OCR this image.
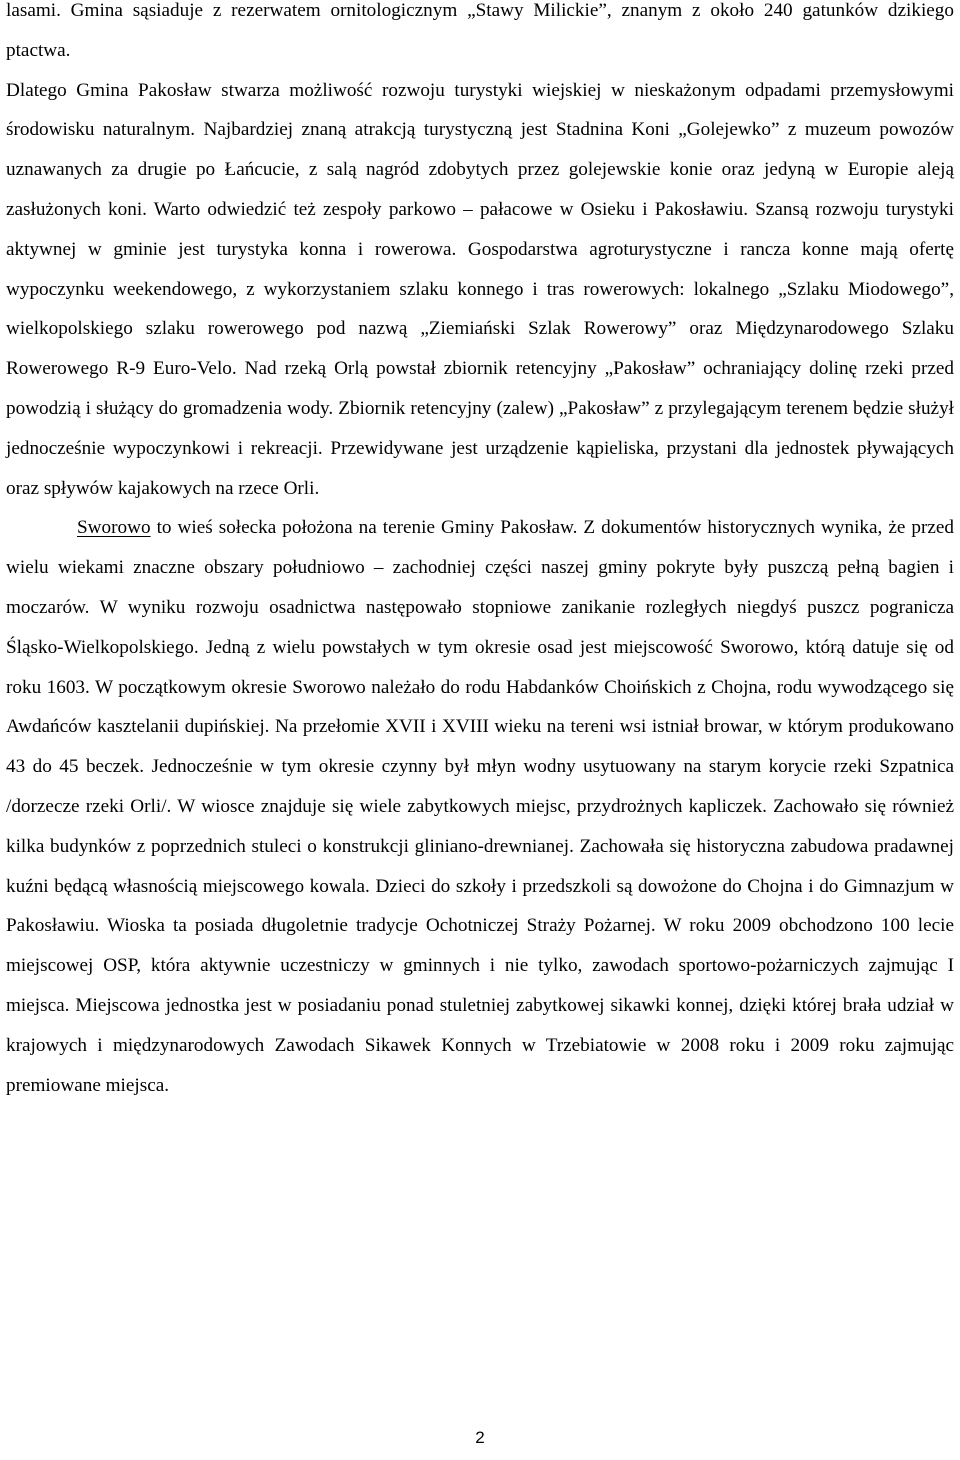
lasami. Gmina sąsiaduje z rezerwatem ornitologicznym „Stawy Milickie”, znanym z około 240 gatunków dzikiego ptactwa.

Dlatego Gmina Pakosław stwarza możliwość rozwoju turystyki wiejskiej w nieskażonym odpadami przemysłowymi środowisku naturalnym. Najbardziej znaną atrakcją turystyczną jest Stadnina Koni „Golejewko” z muzeum powozów uznawanych za drugie po Łańcucie, z salą nagród zdobytych przez golejewskie konie oraz jedyną w Europie aleją zasłużonych koni. Warto odwiedzić też zespoły parkowo – pałacowe w Osieku i Pakosławiu. Szansą rozwoju turystyki aktywnej w gminie jest turystyka konna i rowerowa. Gospodarstwa agroturystyczne i rancza konne mają ofertę wypoczynku weekendowego, z wykorzystaniem szlaku konnego i tras rowerowych: lokalnego „Szlaku Miodowego”, wielkopolskiego szlaku rowerowego pod nazwą „Ziemiański Szlak Rowerowy” oraz Międzynarodowego Szlaku Rowerowego R-9 Euro-Velo. Nad rzeką Orlą powstał zbiornik retencyjny „Pakosław” ochraniający dolinę rzeki przed powodzią i służący do gromadzenia wody. Zbiornik retencyjny (zalew) „Pakosław” z przylegającym terenem będzie służył jednocześnie wypoczynkowi i rekreacji. Przewidywane jest urządzenie kąpieliska, przystani dla jednostek pływających oraz spływów kajakowych na rzece Orli.

Sworowo to wieś sołecka położona na terenie Gminy Pakosław. Z dokumentów historycznych wynika, że przed wielu wiekami znaczne obszary południowo – zachodniej części naszej gminy pokryte były puszczą pełną bagien i moczarów. W wyniku rozwoju osadnictwa następowało stopniowe zanikanie rozległych niegdyś puszcz pogranicza Śląsko-Wielkopolskiego. Jedną z wielu powstałych w tym okresie osad jest miejscowość Sworowo, którą datuje się od roku 1603. W początkowym okresie Sworowo należało do rodu Habdanków Choińskich z Chojna, rodu wywodzącego się Awdańców kasztelanii dupińskiej. Na przełomie XVII i XVIII wieku na tereni wsi istniał browar, w którym produkowano 43 do 45 beczek. Jednocześnie w tym okresie czynny był młyn wodny usytuowany na starym korycie rzeki Szpatnica /dorzecze rzeki Orli/. W wiosce znajduje się wiele zabytkowych miejsc, przydrożnych kapliczek. Zachowało się również kilka budynków z poprzednich stuleci o konstrukcji gliniano-drewnianej. Zachowała się historyczna zabudowa pradawnej kuźni będącą własnością miejscowego kowala. Dzieci do szkoły i przedszkoli są dowożone do Chojna i do Gimnazjum w Pakosławiu. Wioska ta posiada długoletnie tradycje Ochotniczej Straży Pożarnej. W roku 2009 obchodzono 100 lecie miejscowej OSP, która aktywnie uczestniczy w gminnych i nie tylko, zawodach sportowo-pożarniczych zajmując I miejsca. Miejscowa jednostka jest w posiadaniu ponad stuletniej zabytkowej sikawki konnej, dzięki której brała udział w krajowych i międzynarodowych Zawodach Sikawek Konnych w Trzebiatowie w 2008 roku i 2009 roku zajmując premiowane miejsca.

2
